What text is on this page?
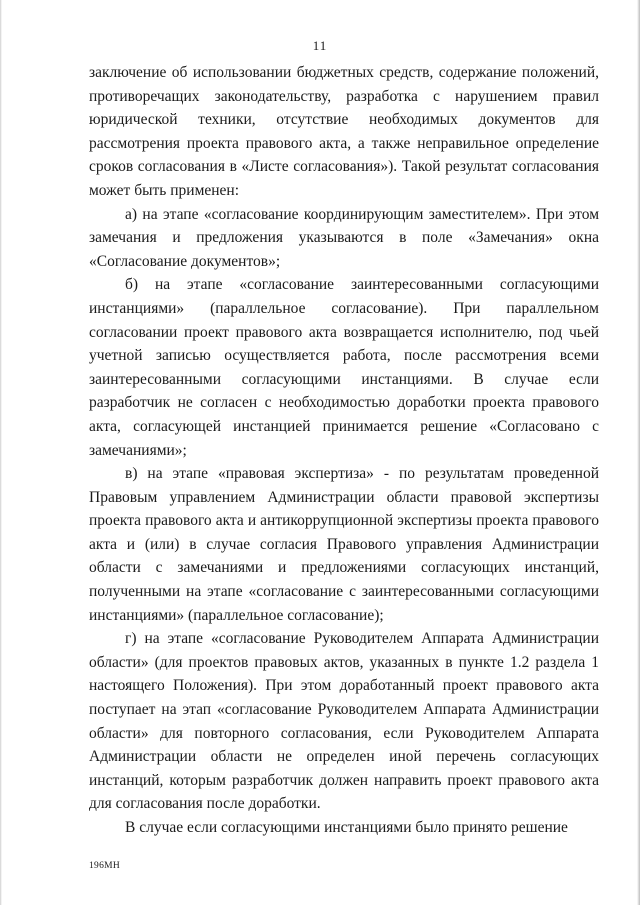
11

заключение об использовании бюджетных средств, содержание положений, противоречащих законодательству, разработка с нарушением правил юридической техники, отсутствие необходимых документов для рассмотрения проекта правового акта, а также неправильное определение сроков согласования в «Листе согласования»). Такой результат согласования может быть применен:

а) на этапе «согласование координирующим заместителем». При этом замечания и предложения указываются в поле «Замечания» окна «Согласование документов»;

б) на этапе «согласование заинтересованными согласующими инстанциями» (параллельное согласование). При параллельном согласовании проект правового акта возвращается исполнителю, под чьей учетной записью осуществляется работа, после рассмотрения всеми заинтересованными согласующими инстанциями. В случае если разработчик не согласен с необходимостью доработки проекта правового акта, согласующей инстанцией принимается решение «Согласовано с замечаниями»;

в) на этапе «правовая экспертиза» - по результатам проведенной Правовым управлением Администрации области правовой экспертизы проекта правового акта и антикоррупционной экспертизы проекта правового акта и (или) в случае согласия Правового управления Администрации области с замечаниями и предложениями согласующих инстанций, полученными на этапе «согласование с заинтересованными согласующими инстанциями» (параллельное согласование);

г) на этапе «согласование Руководителем Аппарата Администрации области» (для проектов правовых актов, указанных в пункте 1.2 раздела 1 настоящего Положения). При этом доработанный проект правового акта поступает на этап «согласование Руководителем Аппарата Администрации области» для повторного согласования, если Руководителем Аппарата Администрации области не определен иной перечень согласующих инстанций, которым разработчик должен направить проект правового акта для согласования после доработки.

В случае если согласующими инстанциями было принято решение

196МН
